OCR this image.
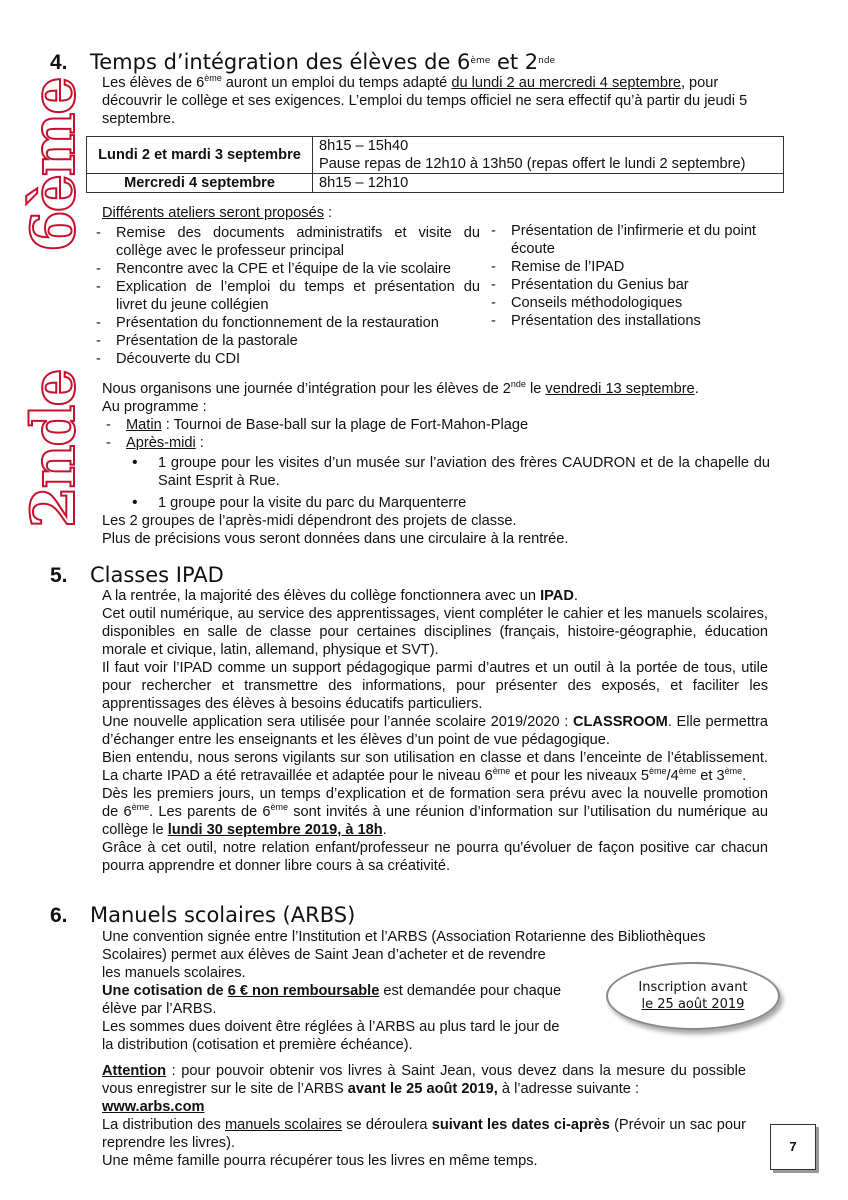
6ème
2nde
4. Temps d’intégration des élèves de 6ème et 2nde

Les élèves de 6ème auront un emploi du temps adapté du lundi 2 au mercredi 4 septembre, pour découvrir le collège et ses exigences. L’emploi du temps officiel ne sera effectif qu’à partir du jeudi 5 septembre.

Lundi 2 et mardi 3 septembre	8h15 – 15h40
Pause repas de 12h10 à 13h50 (repas offert le lundi 2 septembre)

Mercredi 4 septembre	8h15 – 12h10

Différents ateliers seront proposés :

- Remise des documents administratifs et visite du collège avec le professeur principal
- Rencontre avec la CPE et l’équipe de la vie scolaire
- Explication de l’emploi du temps et présentation du livret du jeune collégien
- Présentation du fonctionnement de la restauration
- Présentation de la pastorale
- Découverte du CDI
- Présentation de l’infirmerie et du point écoute
- Remise de l’IPAD
- Présentation du Genius bar
- Conseils méthodologiques
- Présentation des installations

Nous organisons une journée d’intégration pour les élèves de 2nde le vendredi 13 septembre.

Au programme :

- Matin : Tournoi de Base-ball sur la plage de Fort-Mahon-Plage
- Après-midi :
• 1 groupe pour les visites d’un musée sur l’aviation des frères CAUDRON et de la chapelle du Saint Esprit à Rue.
• 1 groupe pour la visite du parc du Marquenterre

Les 2 groupes de l’après-midi dépendront des projets de classe.

Plus de précisions vous seront données dans une circulaire à la rentrée.

5. Classes IPAD

A la rentrée, la majorité des élèves du collège fonctionnera avec un IPAD.

Cet outil numérique, au service des apprentissages, vient compléter le cahier et les manuels scolaires, disponibles en salle de classe pour certaines disciplines (français, histoire-géographie, éducation morale et civique, latin, allemand, physique et SVT).

Il faut voir l’IPAD comme un support pédagogique parmi d’autres et un outil à la portée de tous, utile pour rechercher et transmettre des informations, pour présenter des exposés, et faciliter les apprentissages des élèves à besoins éducatifs particuliers.

Une nouvelle application sera utilisée pour l’année scolaire 2019/2020 : CLASSROOM. Elle permettra d’échanger entre les enseignants et les élèves d’un point de vue pédagogique.

Bien entendu, nous serons vigilants sur son utilisation en classe et dans l’enceinte de l’établissement. La charte IPAD a été retravaillée et adaptée pour le niveau 6ème et pour les niveaux 5ème/4ème et 3ème.

Dès les premiers jours, un temps d’explication et de formation sera prévu avec la nouvelle promotion de 6ème. Les parents de 6ème sont invités à une réunion d’information sur l’utilisation du numérique au collège le lundi 30 septembre 2019, à 18h.

Grâce à cet outil, notre relation enfant/professeur ne pourra qu'évoluer de façon positive car chacun pourra apprendre et donner libre cours à sa créativité.

6. Manuels scolaires (ARBS)

Une convention signée entre l’Institution et l’ARBS (Association Rotarienne des Bibliothèques

Scolaires) permet aux élèves de Saint Jean d’acheter et de revendre

les manuels scolaires.

Une cotisation de 6 € non remboursable est demandée pour chaque

élève par l’ARBS.

Les sommes dues doivent être réglées à l’ARBS au plus tard le jour de

la distribution (cotisation et première échéance).

Inscription avant
le 25 août 2019

Attention : pour pouvoir obtenir vos livres à Saint Jean, vous devez dans la mesure du possible vous enregistrer sur le site de l’ARBS avant le 25 août 2019, à l’adresse suivante :

www.arbs.com

La distribution des manuels scolaires se déroulera suivant les dates ci-après (Prévoir un sac pour reprendre les livres).

Une même famille pourra récupérer tous les livres en même temps.

7
